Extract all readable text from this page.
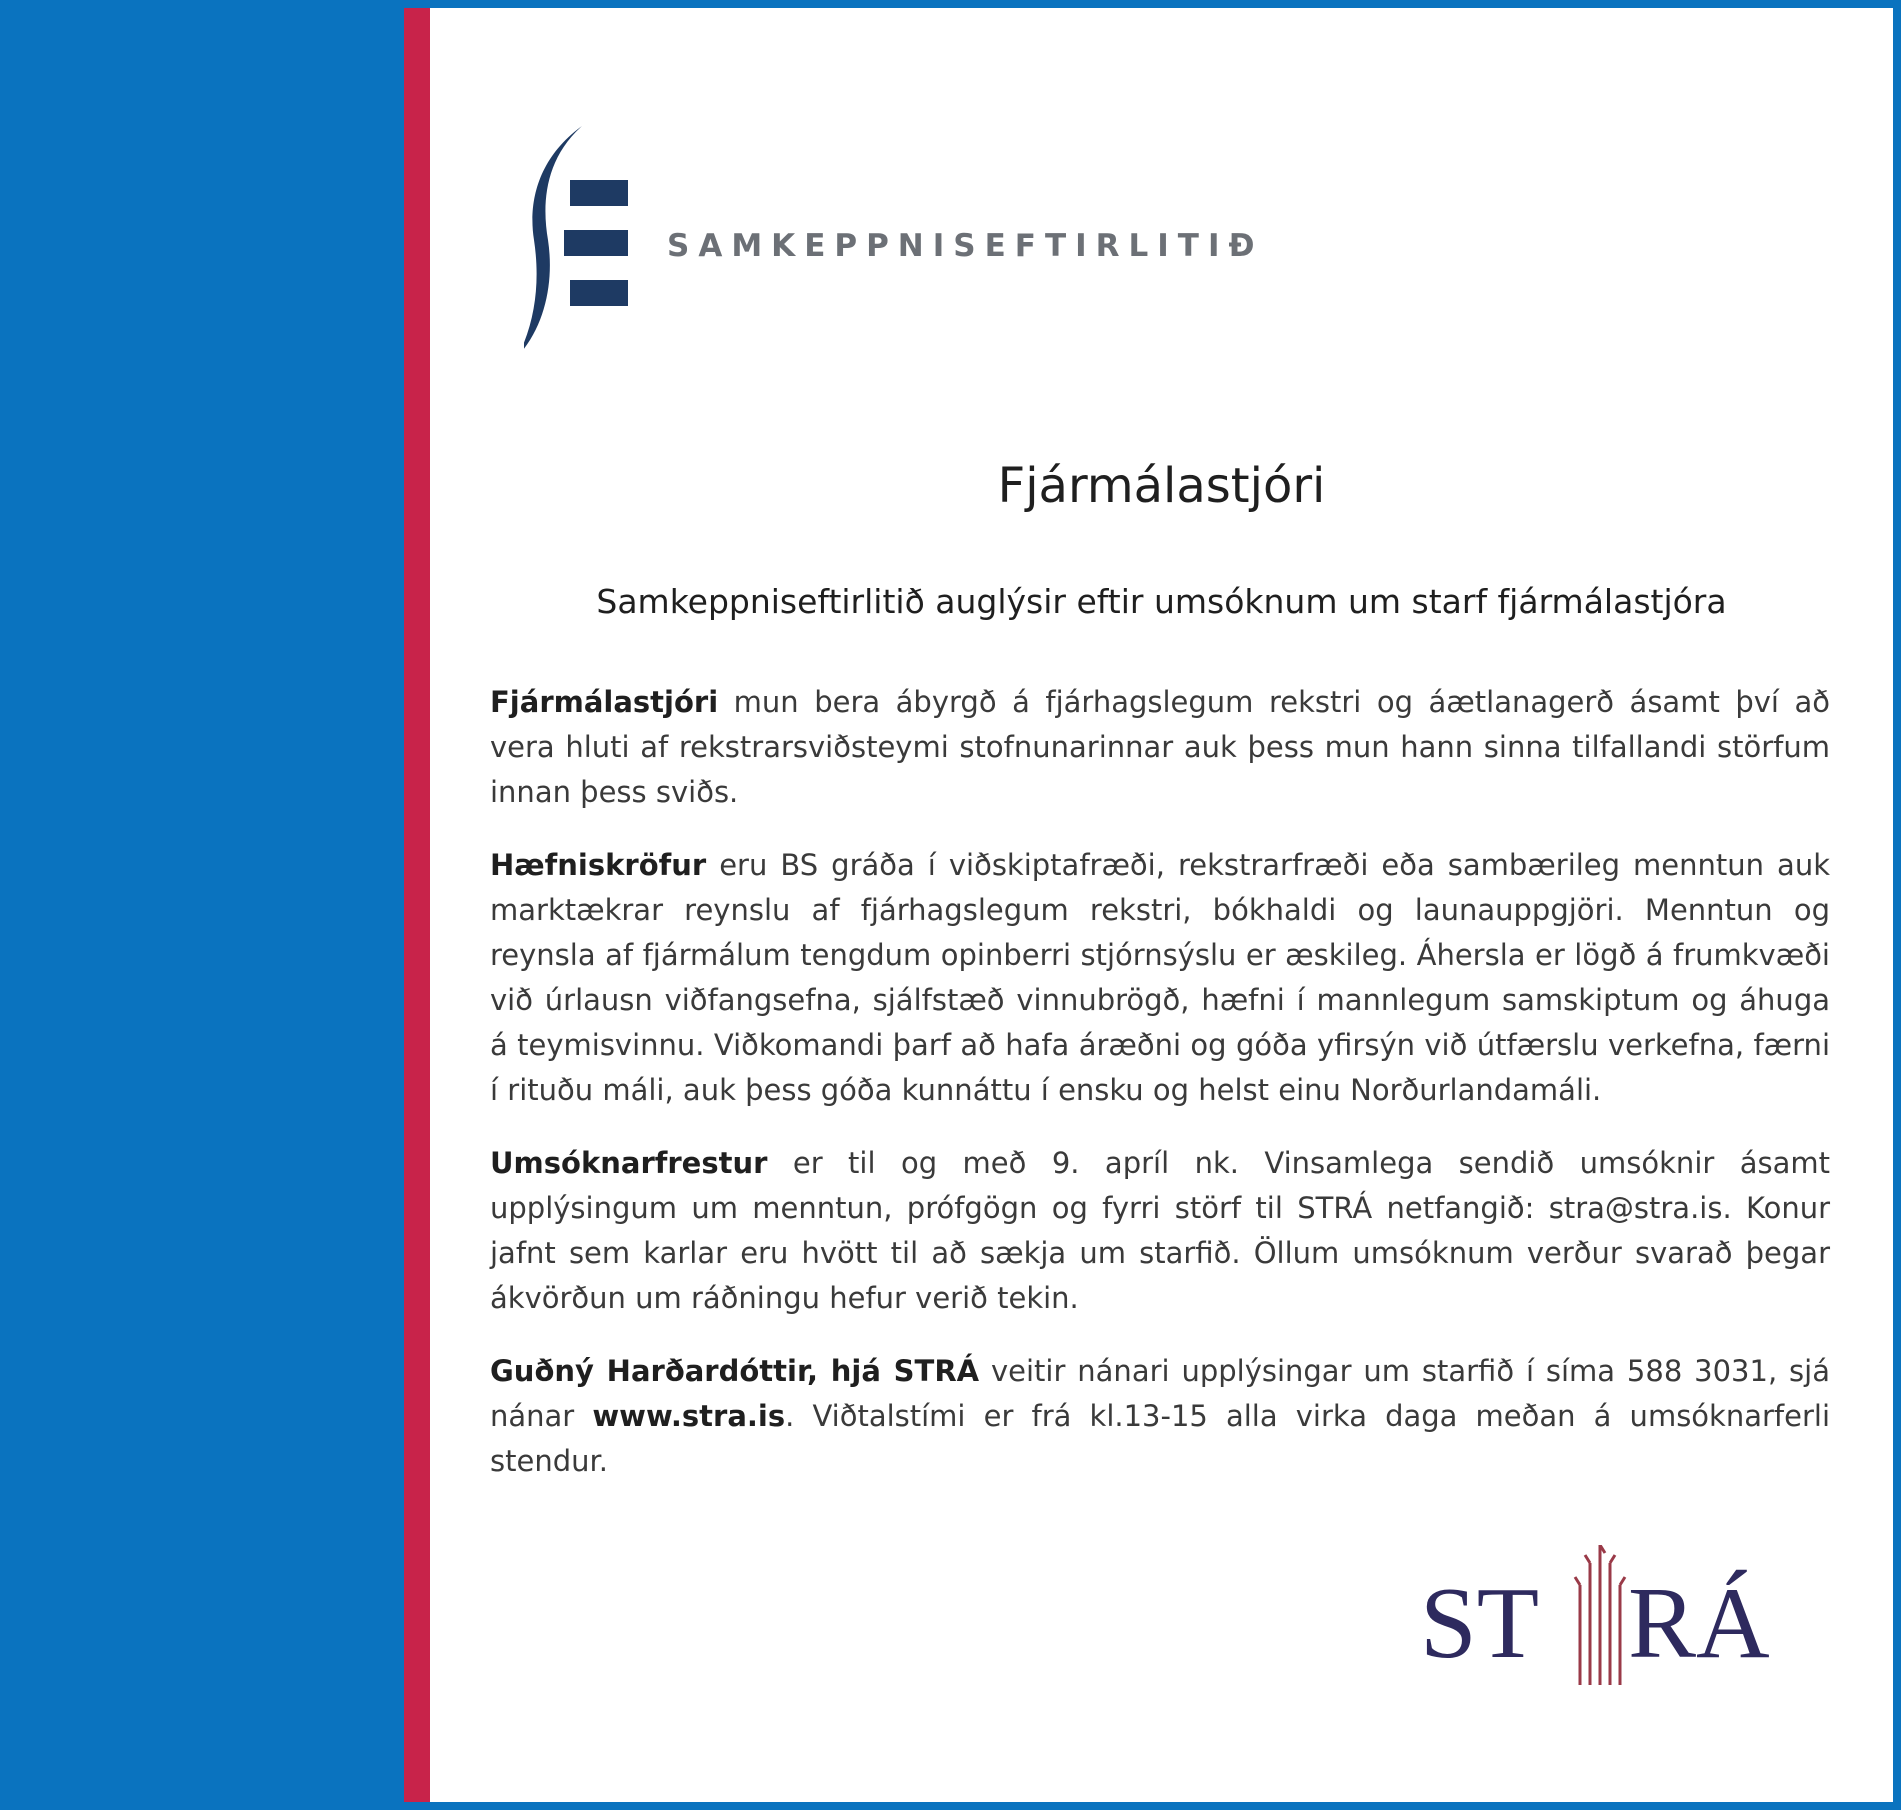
SAMKEPPNISEFTIRLITIÐ
Fjármálastjóri
Samkeppniseftirlitið auglýsir eftir umsóknum um starf fjármálastjóra

Fjármálastjóri mun bera ábyrgð á fjárhagslegum rekstri og áætlanagerð ásamt því að vera hluti af rekstrarsviðsteymi stofnunarinnar auk þess mun hann sinna tilfallandi störfum innan þess sviðs.

Hæfniskröfur eru BS gráða í viðskiptafræði, rekstrarfræði eða sambærileg menntun auk marktækrar reynslu af fjárhagslegum rekstri, bókhaldi og launauppgjöri. Menntun og reynsla af fjármálum tengdum opinberri stjórnsýslu er æskileg. Áhersla er lögð á frumkvæði við úrlausn viðfangsefna, sjálfstæð vinnubrögð, hæfni í mannlegum samskiptum og áhuga á teymisvinnu. Viðkomandi þarf að hafa áræðni og góða yfirsýn við útfærslu verkefna, færni í rituðu máli, auk þess góða kunnáttu í ensku og helst einu Norðurlandamáli.

Umsóknarfrestur er til og með 9. apríl nk. Vinsamlega sendið umsóknir ásamt upplýsingum um menntun, prófgögn og fyrri störf til STRÁ netfangið: stra@stra.is. Konur jafnt sem karlar eru hvött til að sækja um starfið. Öllum umsóknum verður svarað þegar ákvörðun um ráðningu hefur verið tekin.

Guðný Harðardóttir, hjá STRÁ veitir nánari upplýsingar um starfið í síma 588 3031, sjá nánar www.stra.is. Viðtalstími er frá kl.13-15 alla virka daga meðan á umsóknarferli stendur.

ST RÁ
